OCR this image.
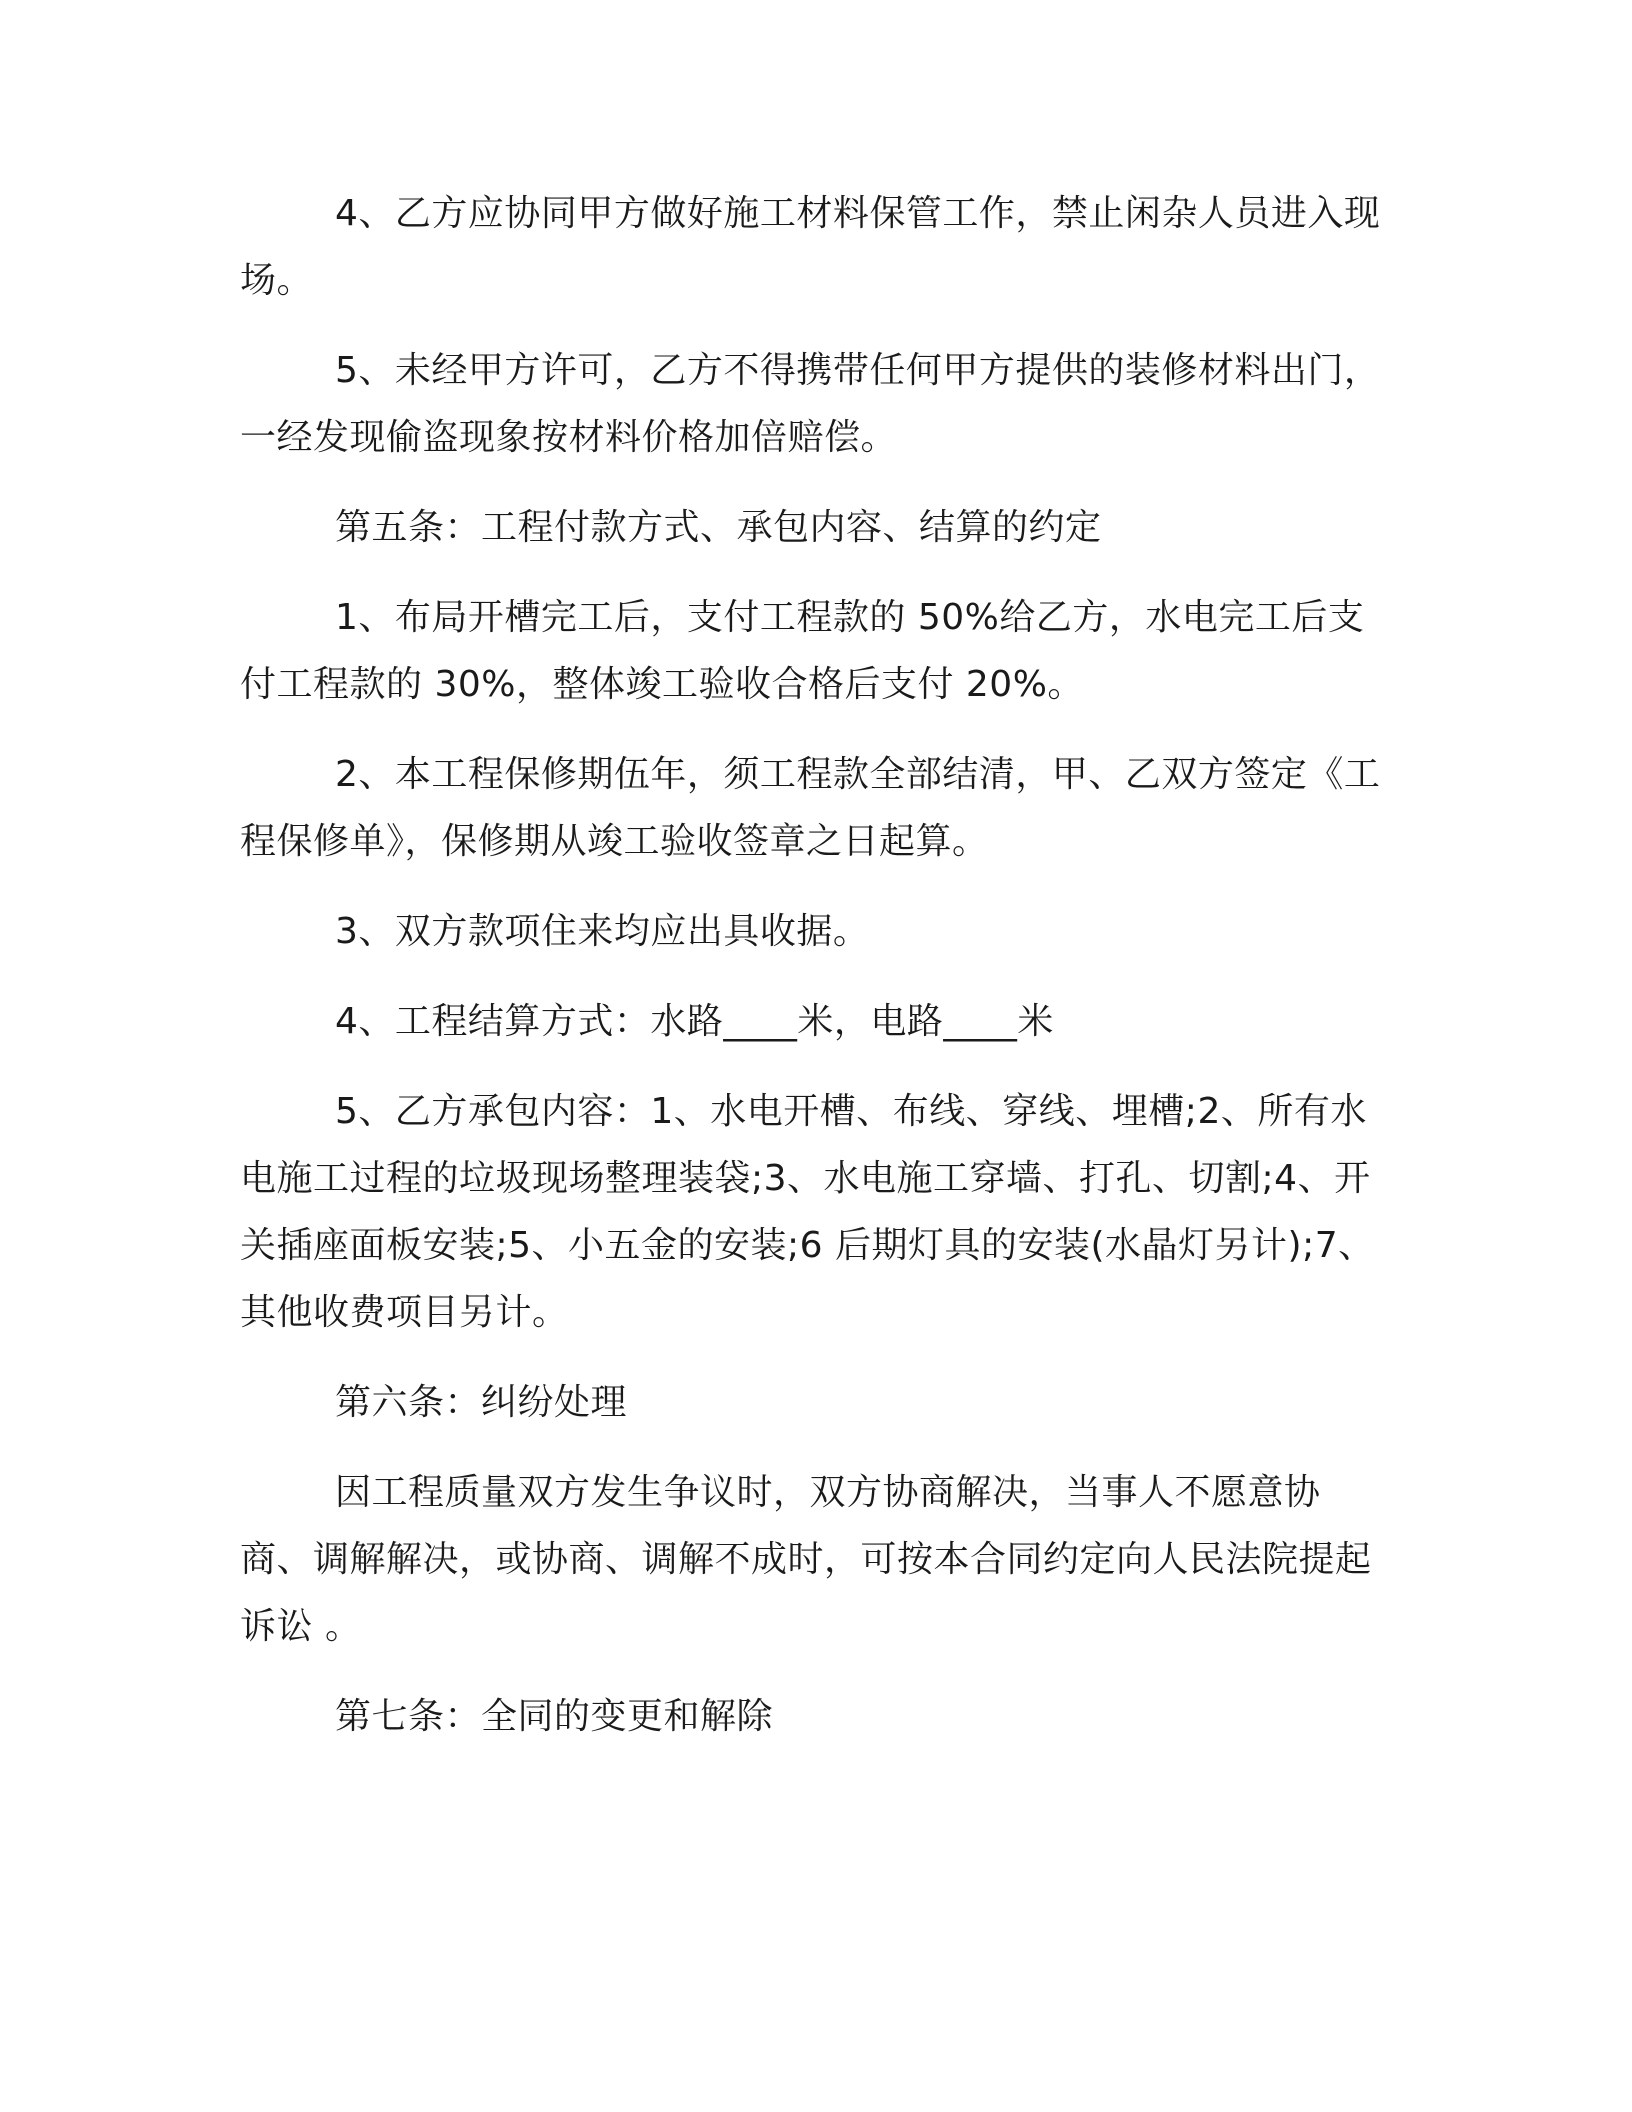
4、乙方应协同甲方做好施工材料保管工作，禁止闲杂人员进入现场。

5、未经甲方许可，乙方不得携带任何甲方提供的装修材料出门，一经发现偷盗现象按材料价格加倍赔偿。

第五条：工程付款方式、承包内容、结算的约定

1、布局开槽完工后，支付工程款的 50%给乙方，水电完工后支付工程款的 30%，整体竣工验收合格后支付 20%。

2、本工程保修期伍年，须工程款全部结清，甲、乙双方签定《工程保修单》，保修期从竣工验收签章之日起算。

3、双方款项住来均应出具收据。

4、工程结算方式：水路____米，电路____米

5、乙方承包内容：1、水电开槽、布线、穿线、埋槽;2、所有水电施工过程的垃圾现场整理装袋;3、水电施工穿墙、打孔、切割;4、开关插座面板安装;5、小五金的安装;6 后期灯具的安装(水晶灯另计);7、其他收费项目另计。

第六条：纠纷处理

因工程质量双方发生争议时，双方协商解决，当事人不愿意协商、调解解决，或协商、调解不成时，可按本合同约定向人民法院提起诉讼 。

第七条：全同的变更和解除
